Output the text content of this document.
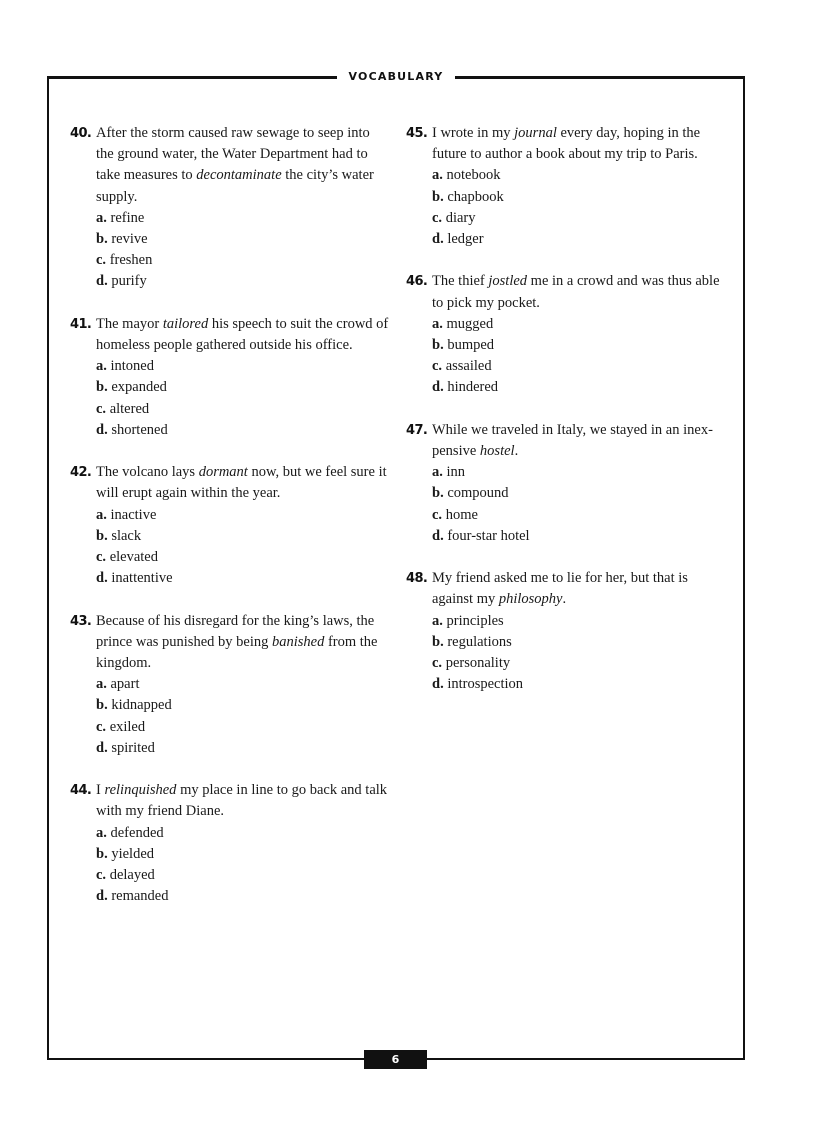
VOCABULARY
40. After the storm caused raw sewage to seep into the ground water, the Water Department had to take measures to decontaminate the city’s water supply.
a. refine
b. revive
c. freshen
d. purify
41. The mayor tailored his speech to suit the crowd of homeless people gathered outside his office.
a. intoned
b. expanded
c. altered
d. shortened
42. The volcano lays dormant now, but we feel sure it will erupt again within the year.
a. inactive
b. slack
c. elevated
d. inattentive
43. Because of his disregard for the king’s laws, the prince was punished by being banished from the kingdom.
a. apart
b. kidnapped
c. exiled
d. spirited
44. I relinquished my place in line to go back and talk with my friend Diane.
a. defended
b. yielded
c. delayed
d. remanded
45. I wrote in my journal every day, hoping in the future to author a book about my trip to Paris.
a. notebook
b. chapbook
c. diary
d. ledger
46. The thief jostled me in a crowd and was thus able to pick my pocket.
a. mugged
b. bumped
c. assailed
d. hindered
47. While we traveled in Italy, we stayed in an inex-pensive hostel.
a. inn
b. compound
c. home
d. four-star hotel
48. My friend asked me to lie for her, but that is against my philosophy.
a. principles
b. regulations
c. personality
d. introspection
6
